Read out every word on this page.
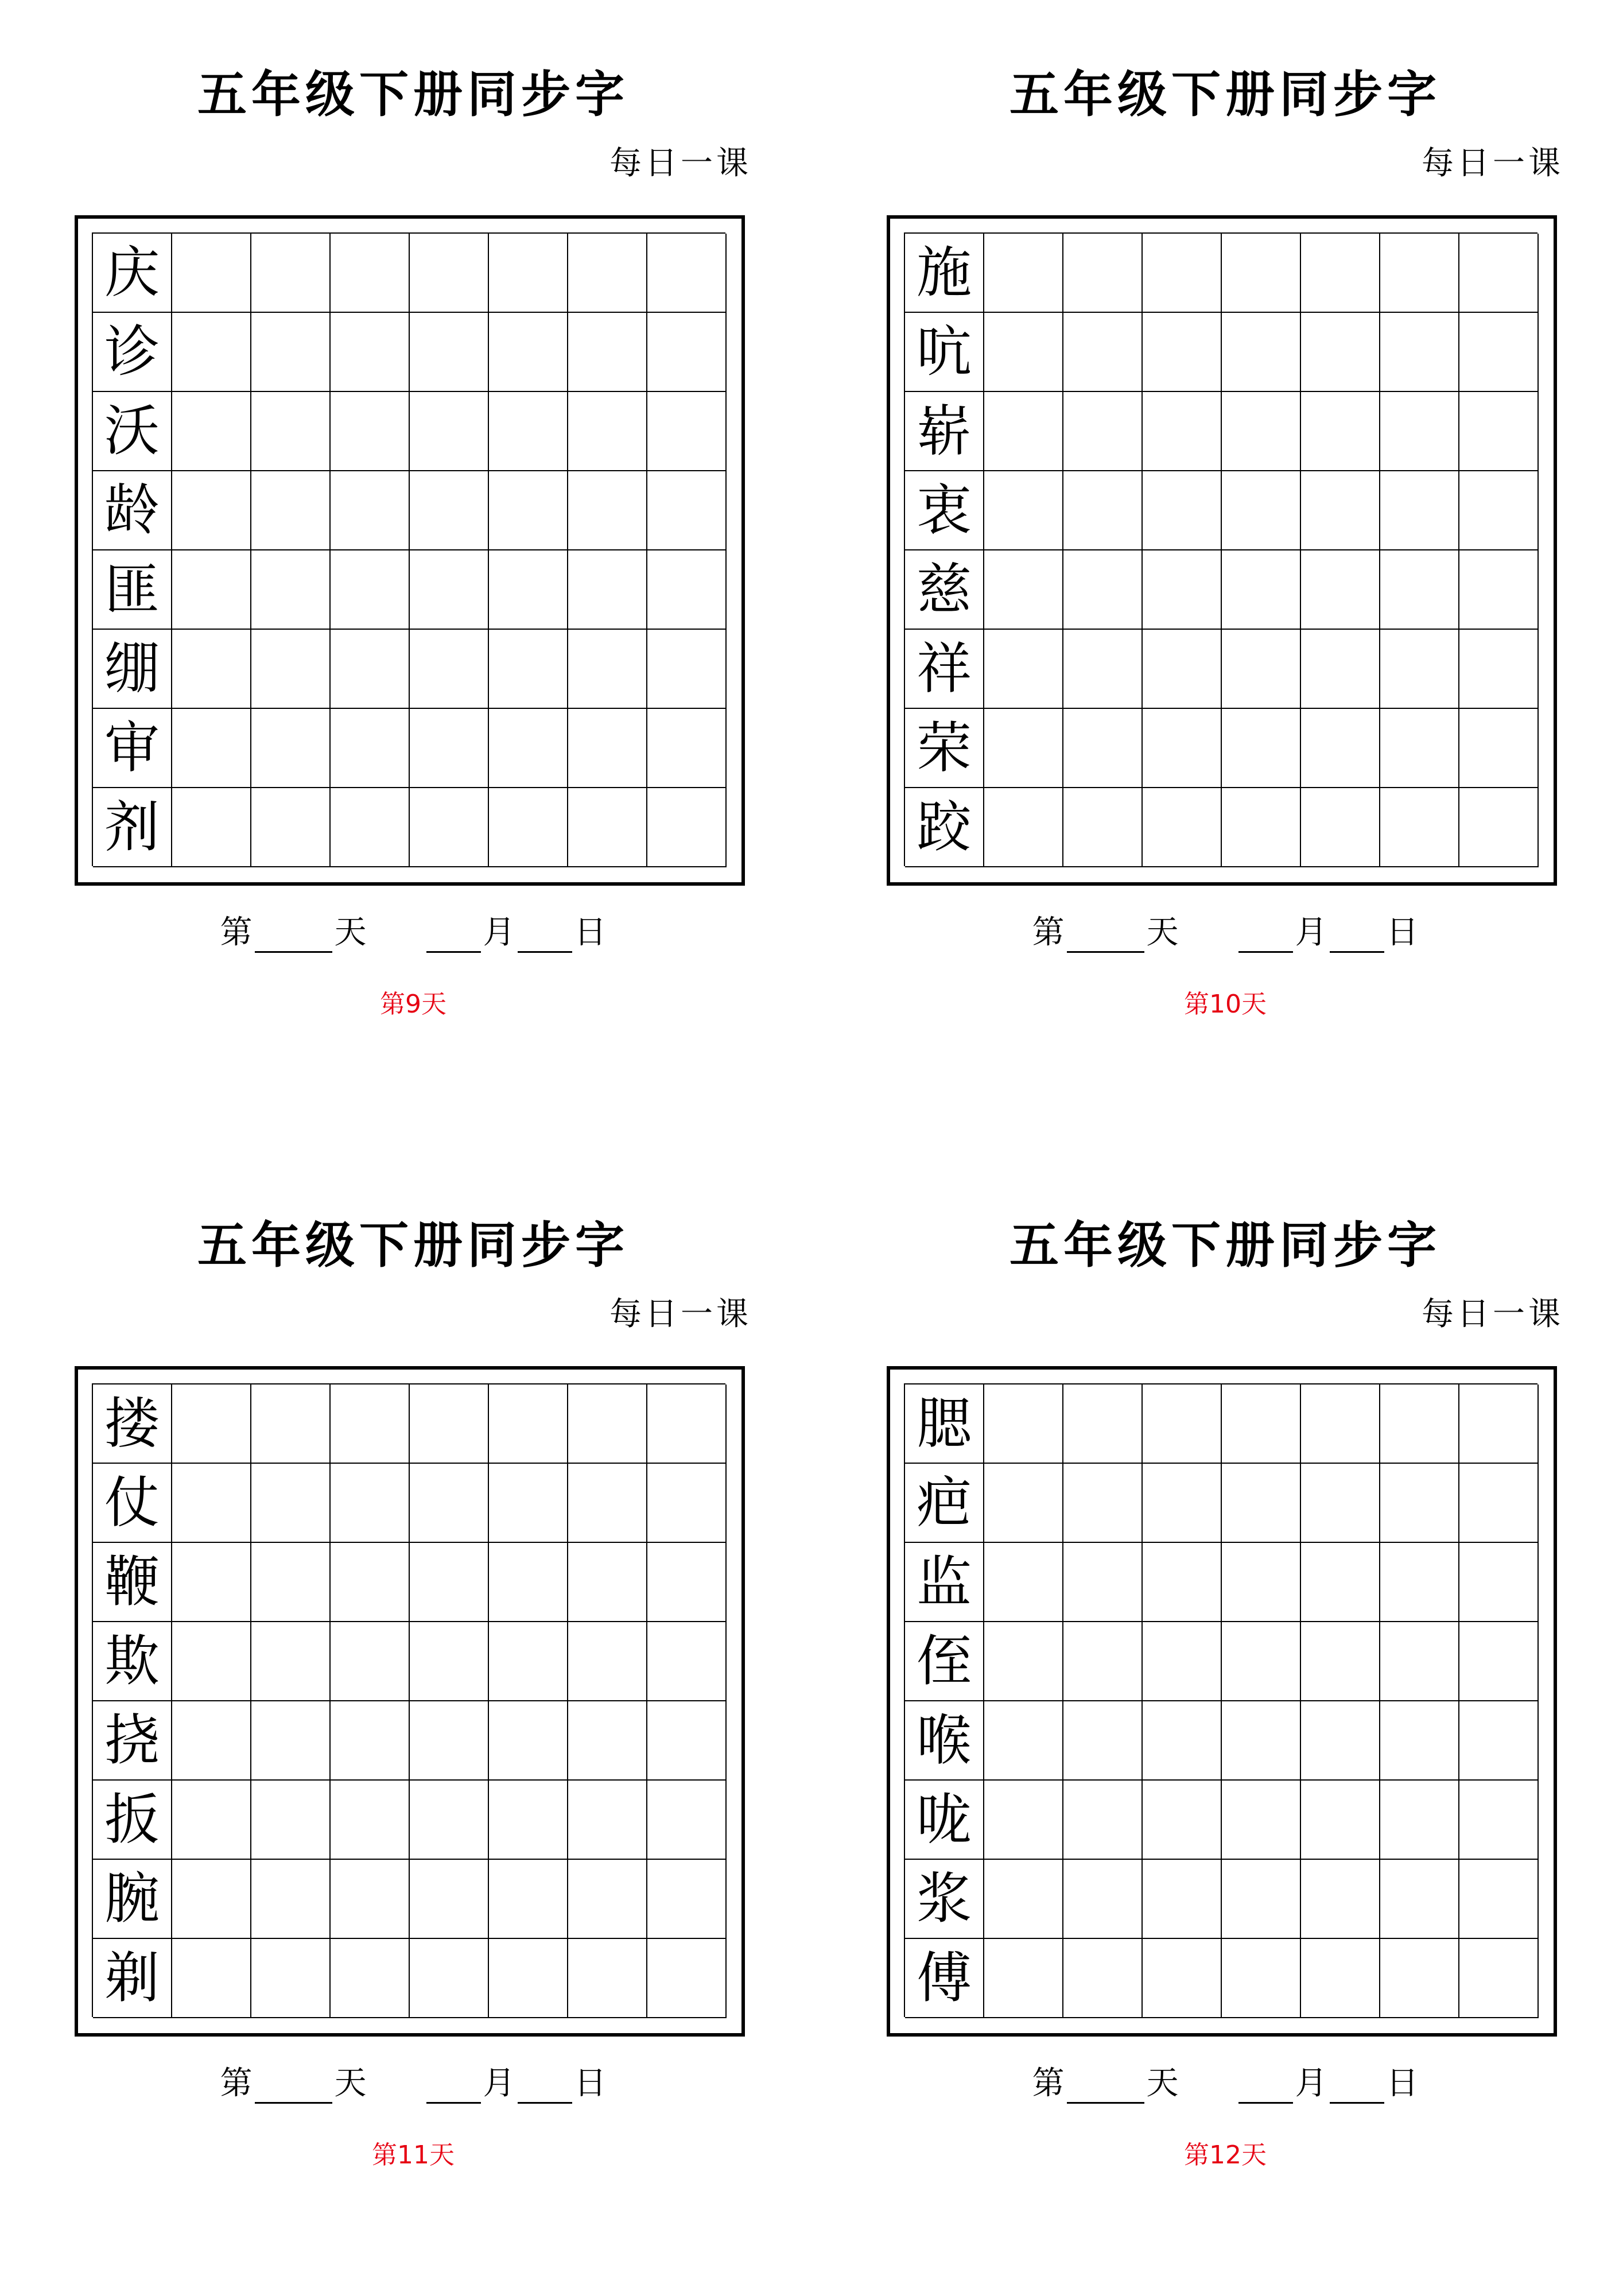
五年级下册同步字
每日一课
庆
诊
沃
龄
匪
绷
审
剂
第	天	月 日
第9天
五年级下册同步字
每日一课
施
吭
崭
衷
慈
祥
荣
跤
第	天	月 日
第10天
五年级下册同步字
每日一课
搂
仗
鞭
欺
挠
扳
腕
剃
第	天	月 日
第11天
五年级下册同步字
每日一课
腮
疤
监
侄
喉
咙
浆
傅
第	天	月 日
第12天
